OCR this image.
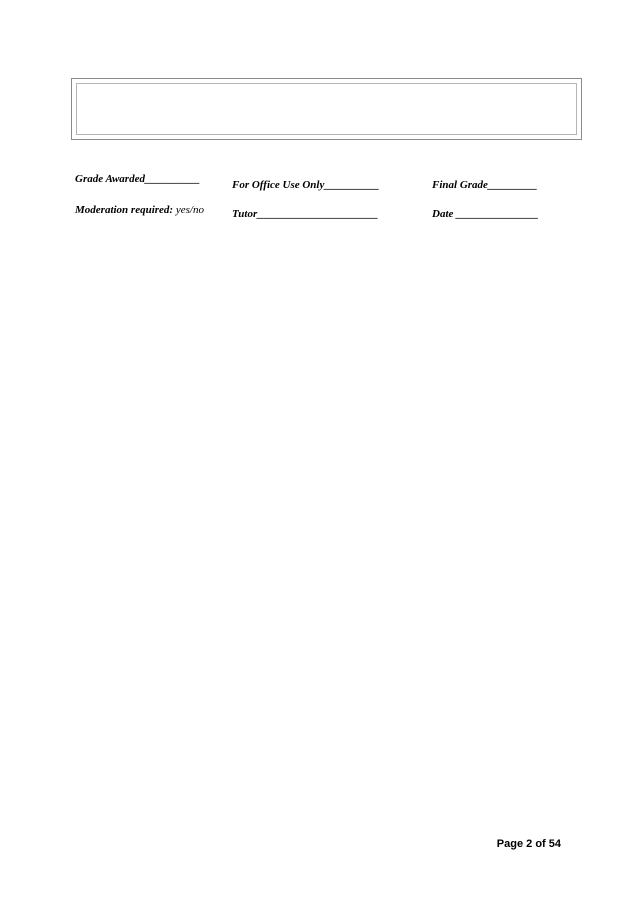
Grade Awarded__________
Moderation required: yes/no
For Office Use Only__________
Tutor______________________
Final Grade_________
Date _______________
Page 2 of 54
